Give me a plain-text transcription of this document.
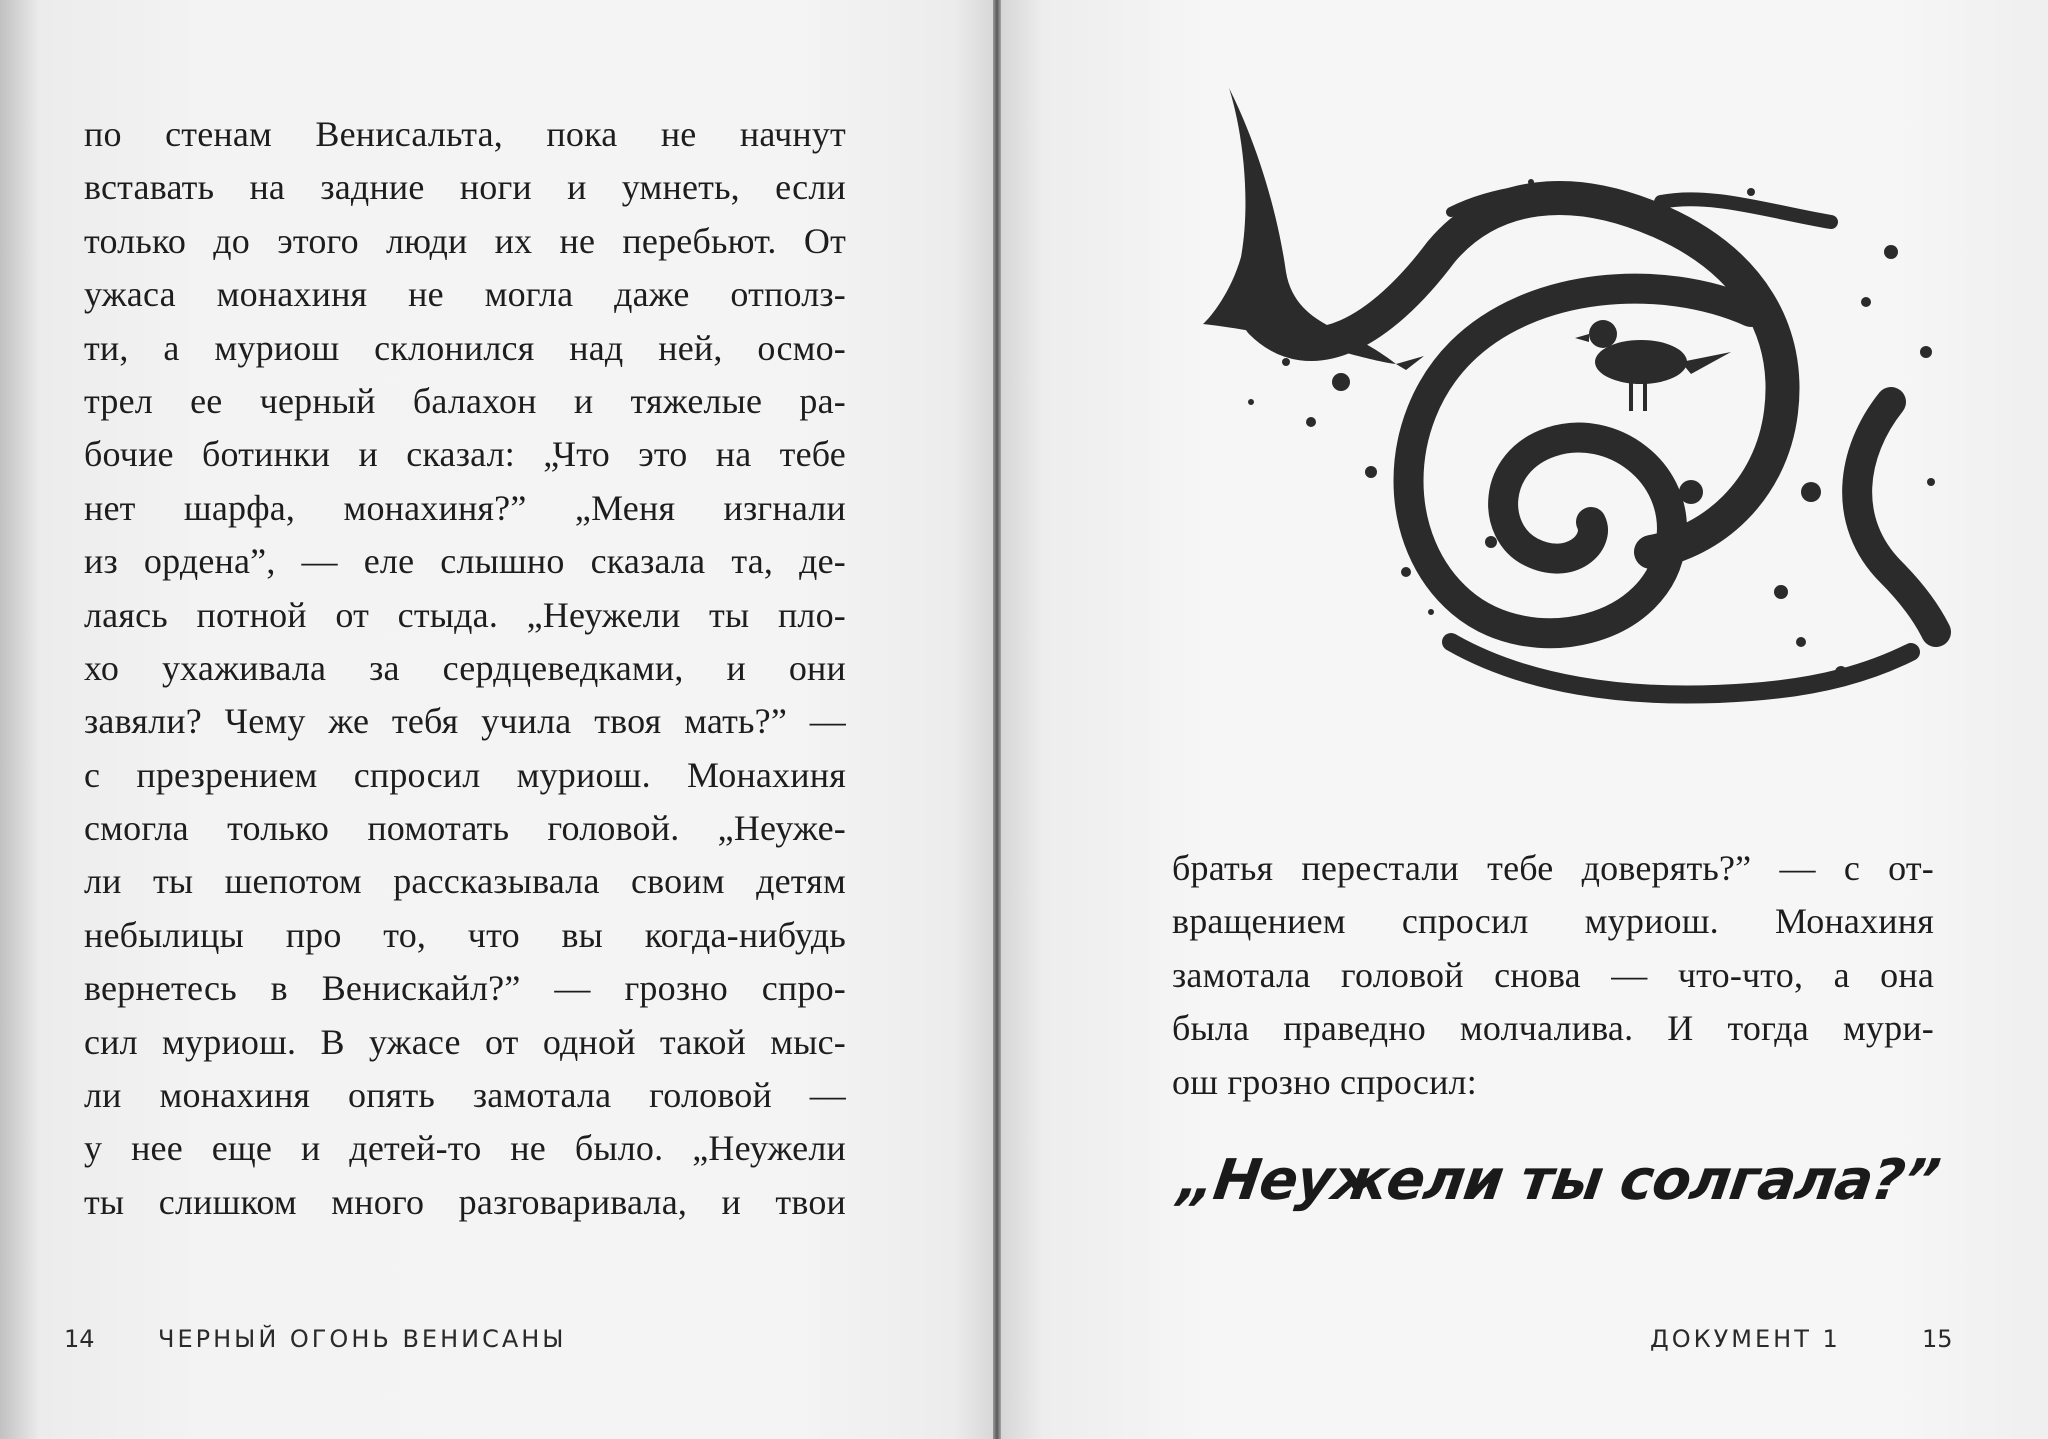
по стенам Венисальта, пока не начнут
вставать на задние ноги и умнеть, если
только до этого люди их не перебьют. От
ужаса монахиня не могла даже отполз-
ти, а муриош склонился над ней, осмо-
трел ее черный балахон и тяжелые ра-
бочие ботинки и сказал: „Что это на тебе
нет шарфа, монахиня?” „Меня изгнали
из ордена”, — еле слышно сказала та, де-
лаясь потной от стыда. „Неужели ты пло-
хо ухаживала за сердцеведками, и они
завяли? Чему же тебя учила твоя мать?” —
с презрением спросил муриош. Монахиня
смогла только помотать головой. „Неуже-
ли ты шепотом рассказывала своим детям
небылицы про то, что вы когда-нибудь
вернетесь в Венискайл?” — грозно спро-
сил муриош. В ужасе от одной такой мыс-
ли монахиня опять замотала головой —
у нее еще и детей-то не было. „Неужели
ты слишком много разговаривала, и твои
14	ЧЕРНЫЙ ОГОНЬ ВЕНИСАНЫ
братья перестали тебе доверять?” — с от-
вращением спросил муриош. Монахиня
замотала головой снова — что-что, а она
была праведно молчалива. И тогда мури-
ош грозно спросил:
„Неужели ты солгала?”
ДОКУМЕНТ 1	15
